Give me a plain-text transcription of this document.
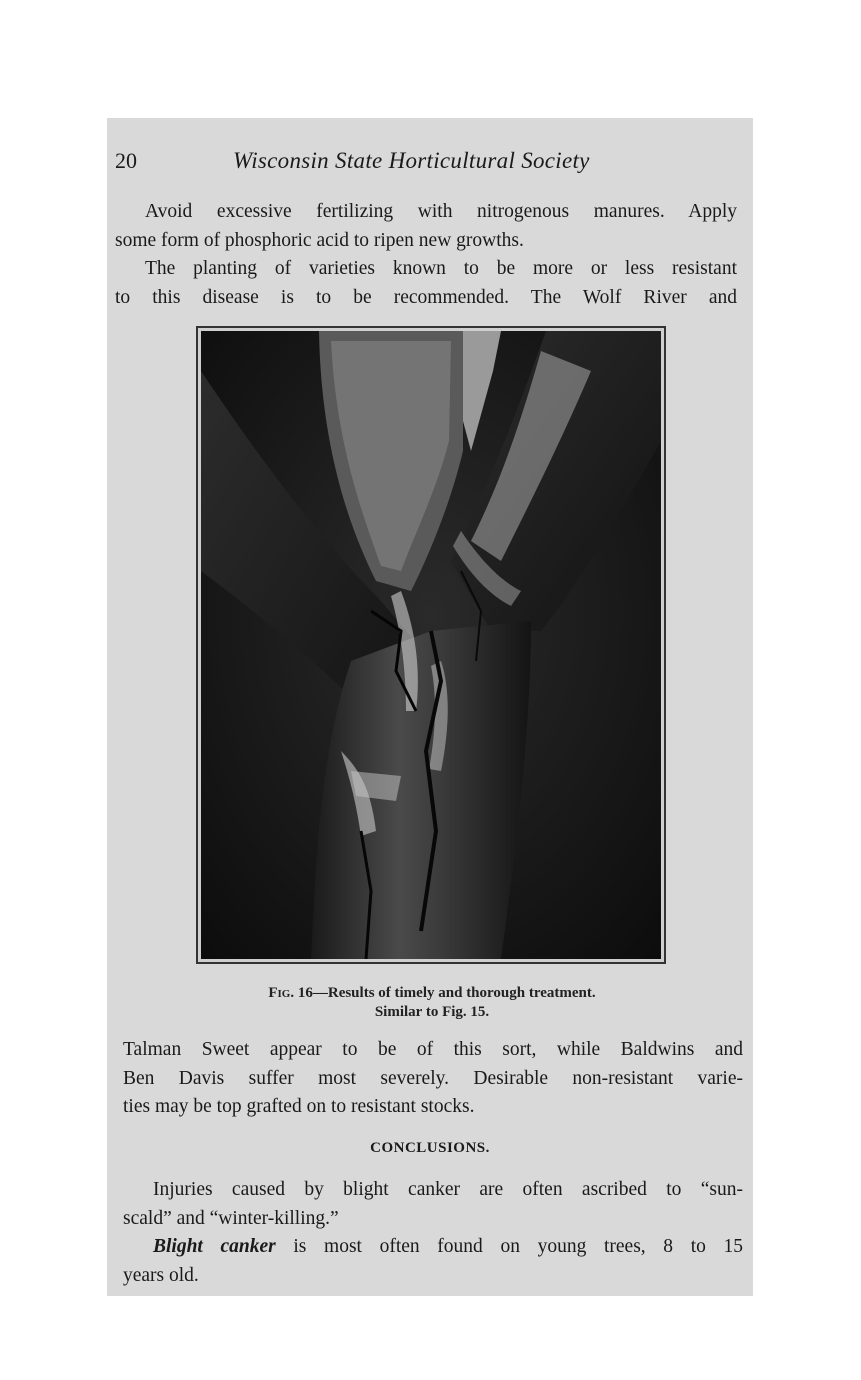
20	Wisconsin State Horticultural Society
Avoid excessive fertilizing with nitrogenous manures. Apply
some form of phosphoric acid to ripen new growths.
The planting of varieties known to be more or less resistant
to this disease is to be recommended. The Wolf River and
Fig. 16—Results of timely and thorough treatment.
Similar to Fig. 15.
Talman Sweet appear to be of this sort, while Baldwins and
Ben Davis suffer most severely. Desirable non-resistant varie-
ties may be top grafted on to resistant stocks.
CONCLUSIONS.
Injuries caused by blight canker are often ascribed to “sun-
scald” and “winter-killing.”
Blight canker is most often found on young trees, 8 to 15
years old.
